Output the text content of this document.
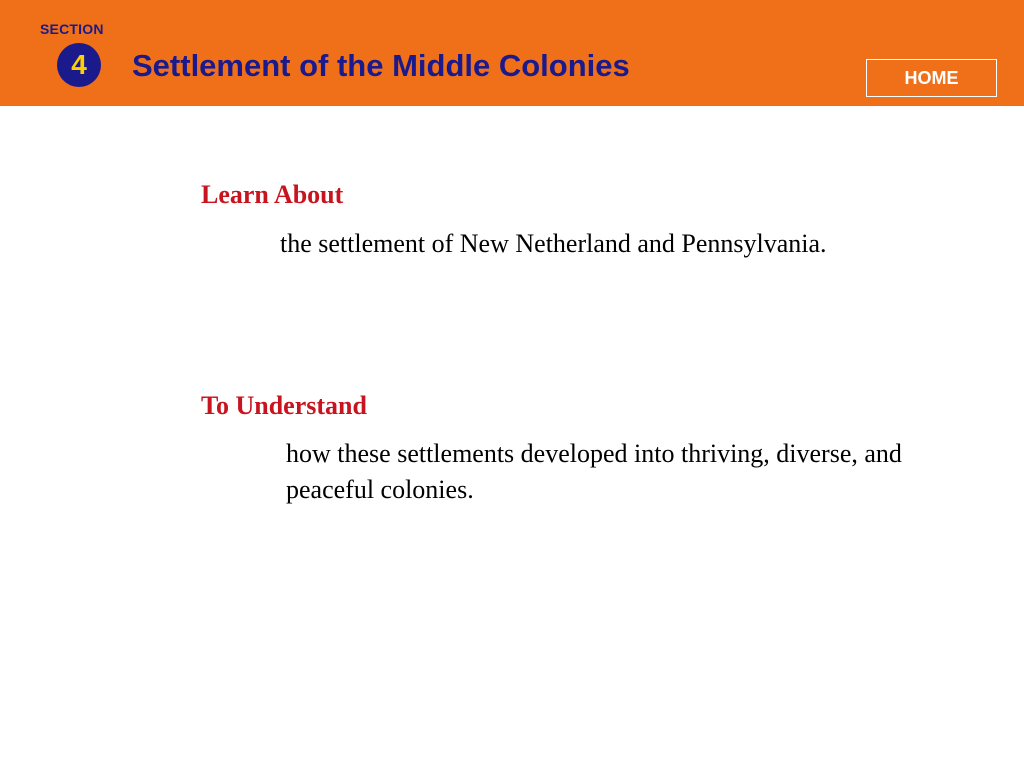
SECTION
4	Settlement of the Middle Colonies	HOME
Learn About
the settlement of New Netherland and Pennsylvania.
To Understand
how these settlements developed into thriving, diverse, and peaceful colonies.
